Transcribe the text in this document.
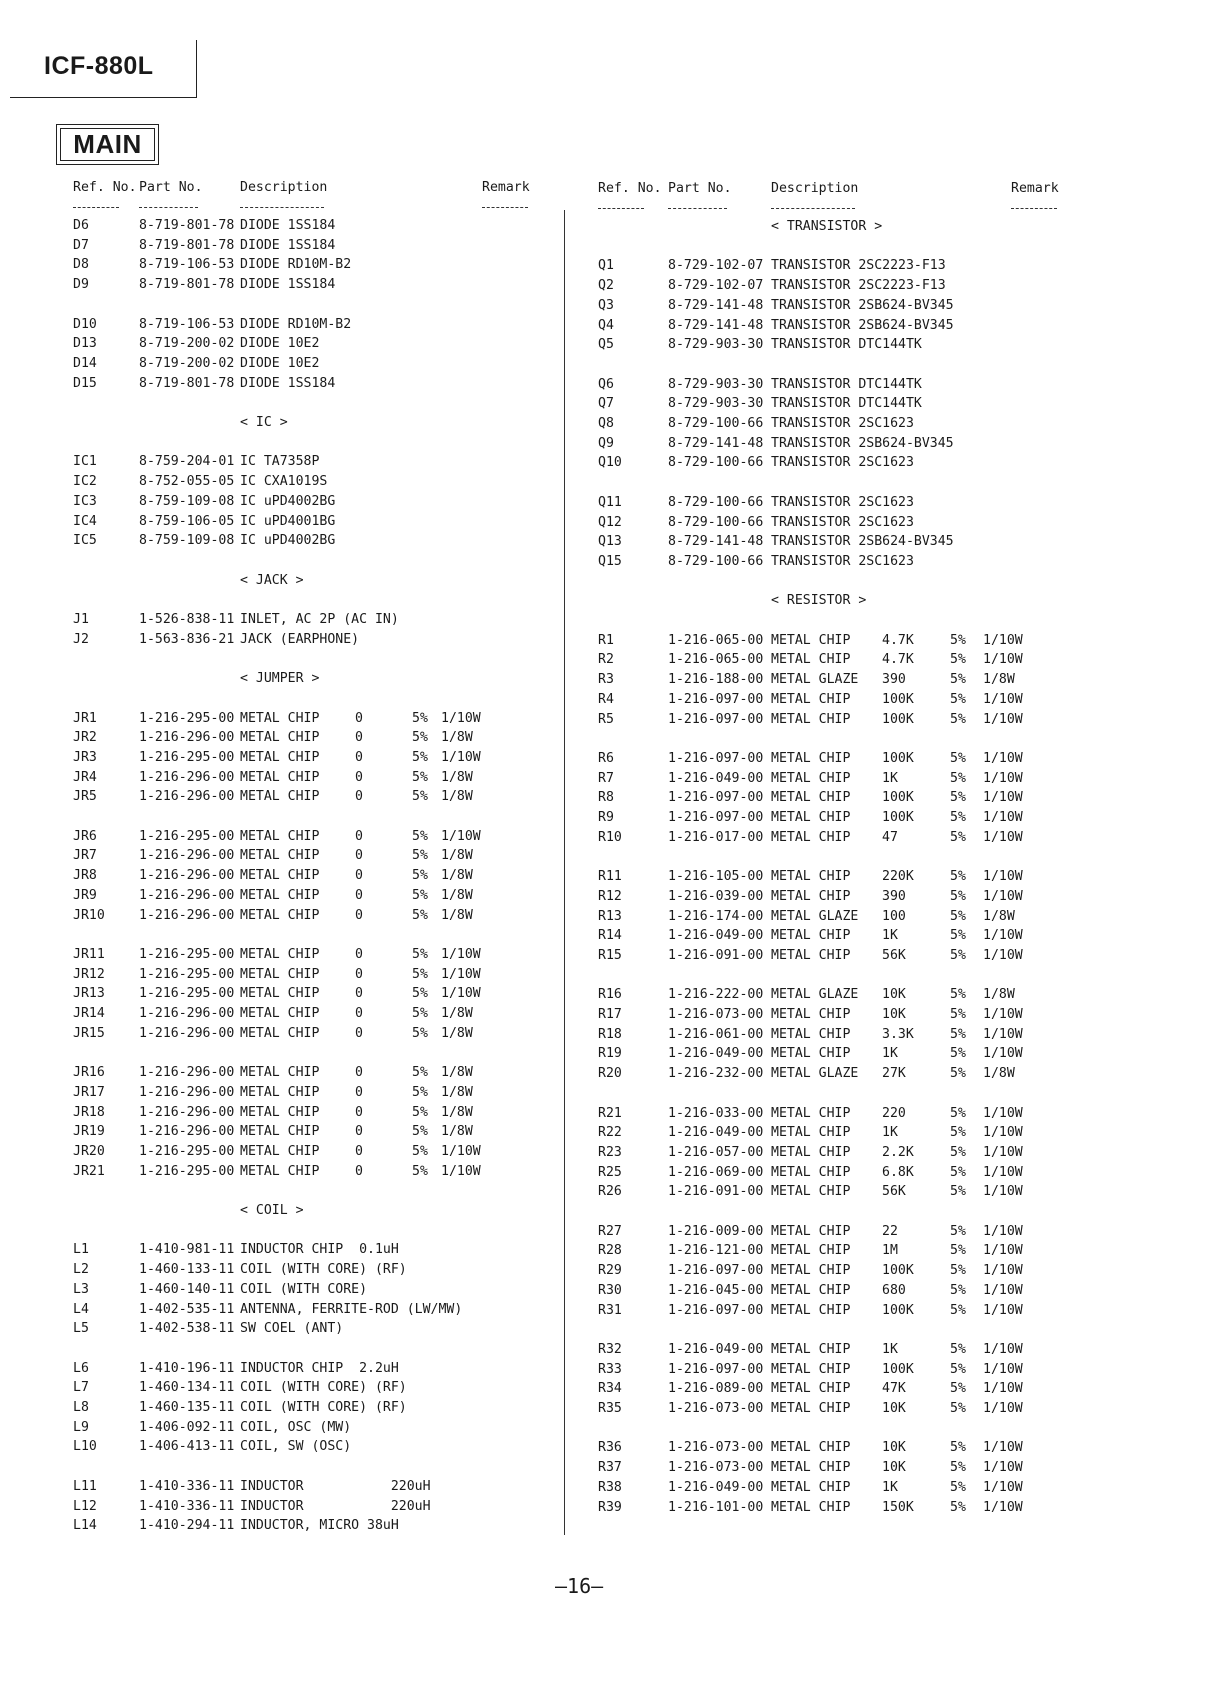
ICF-880L
MAIN
Ref. No. Part No.	Description	Remark
D6	8-719-801-78 DIODE 1SS184
D7	8-719-801-78 DIODE 1SS184
D8	8-719-106-53 DIODE RD10M-B2
D9	8-719-801-78 DIODE 1SS184
D10	8-719-106-53 DIODE RD10M-B2
D13	8-719-200-02 DIODE 10E2
D14	8-719-200-02 DIODE 10E2
D15	8-719-801-78 DIODE 1SS184
< IC >
IC1	8-759-204-01 IC TA7358P
IC2	8-752-055-05 IC CXA1019S
IC3	8-759-109-08 IC uPD4002BG
IC4	8-759-106-05 IC uPD4001BG
IC5	8-759-109-08 IC uPD4002BG
< JACK >
J1	1-526-838-11 INLET, AC 2P (AC IN)
J2	1-563-836-21 JACK (EARPHONE)
< JUMPER >
JR1	1-216-295-00 METAL CHIP	0	5% 1/10W
JR2	1-216-296-00 METAL CHIP	0	5% 1/8W
JR3	1-216-295-00 METAL CHIP	0	5% 1/10W
JR4	1-216-296-00 METAL CHIP	0	5% 1/8W
JR5	1-216-296-00 METAL CHIP	0	5% 1/8W
JR6	1-216-295-00 METAL CHIP	0	5% 1/10W
JR7	1-216-296-00 METAL CHIP	0	5% 1/8W
JR8	1-216-296-00 METAL CHIP	0	5% 1/8W
JR9	1-216-296-00 METAL CHIP	0	5% 1/8W
JR10	1-216-296-00 METAL CHIP	0	5% 1/8W
JR11	1-216-295-00 METAL CHIP	0	5% 1/10W
JR12	1-216-295-00 METAL CHIP	0	5% 1/10W
JR13	1-216-295-00 METAL CHIP	0	5% 1/10W
JR14	1-216-296-00 METAL CHIP	0	5% 1/8W
JR15	1-216-296-00 METAL CHIP	0	5% 1/8W
JR16	1-216-296-00 METAL CHIP	0	5% 1/8W
JR17	1-216-296-00 METAL CHIP	0	5% 1/8W
JR18	1-216-296-00 METAL CHIP	0	5% 1/8W
JR19	1-216-296-00 METAL CHIP	0	5% 1/8W
JR20	1-216-295-00 METAL CHIP	0	5% 1/10W
JR21	1-216-295-00 METAL CHIP	0	5% 1/10W
< COIL >
L1	1-410-981-11 INDUCTOR CHIP  0.1uH
L2	1-460-133-11 COIL (WITH CORE) (RF)
L3	1-460-140-11 COIL (WITH CORE)
L4	1-402-535-11 ANTENNA, FERRITE-ROD (LW/MW)
L5	1-402-538-11 SW COEL (ANT)
L6	1-410-196-11 INDUCTOR CHIP  2.2uH
L7	1-460-134-11 COIL (WITH CORE) (RF)
L8	1-460-135-11 COIL (WITH CORE) (RF)
L9	1-406-092-11 COIL, OSC (MW)
L10	1-406-413-11 COIL, SW (OSC)
L11	1-410-336-11 INDUCTOR           220uH
L12	1-410-336-11 INDUCTOR           220uH
L14	1-410-294-11 INDUCTOR, MICRO 38uH
Ref. No. Part No.	Description	Remark
< TRANSISTOR >
Q1	8-729-102-07 TRANSISTOR 2SC2223-F13
Q2	8-729-102-07 TRANSISTOR 2SC2223-F13
Q3	8-729-141-48 TRANSISTOR 2SB624-BV345
Q4	8-729-141-48 TRANSISTOR 2SB624-BV345
Q5	8-729-903-30 TRANSISTOR DTC144TK
Q6	8-729-903-30 TRANSISTOR DTC144TK
Q7	8-729-903-30 TRANSISTOR DTC144TK
Q8	8-729-100-66 TRANSISTOR 2SC1623
Q9	8-729-141-48 TRANSISTOR 2SB624-BV345
Q10	8-729-100-66 TRANSISTOR 2SC1623
Q11	8-729-100-66 TRANSISTOR 2SC1623
Q12	8-729-100-66 TRANSISTOR 2SC1623
Q13	8-729-141-48 TRANSISTOR 2SB624-BV345
Q15	8-729-100-66 TRANSISTOR 2SC1623
< RESISTOR >
R1	1-216-065-00 METAL CHIP 4.7K	5% 1/10W
R2	1-216-065-00 METAL CHIP 4.7K	5% 1/10W
R3	1-216-188-00 METAL GLAZE 390	5% 1/8W
R4	1-216-097-00 METAL CHIP 100K	5% 1/10W
R5	1-216-097-00 METAL CHIP 100K	5% 1/10W
R6	1-216-097-00 METAL CHIP 100K	5% 1/10W
R7	1-216-049-00 METAL CHIP 1K	5% 1/10W
R8	1-216-097-00 METAL CHIP 100K	5% 1/10W
R9	1-216-097-00 METAL CHIP 100K	5% 1/10W
R10	1-216-017-00 METAL CHIP 47	5% 1/10W
R11	1-216-105-00 METAL CHIP 220K	5% 1/10W
R12	1-216-039-00 METAL CHIP 390	5% 1/10W
R13	1-216-174-00 METAL GLAZE 100	5% 1/8W
R14	1-216-049-00 METAL CHIP 1K	5% 1/10W
R15	1-216-091-00 METAL CHIP 56K	5% 1/10W
R16	1-216-222-00 METAL GLAZE 10K	5% 1/8W
R17	1-216-073-00 METAL CHIP 10K	5% 1/10W
R18	1-216-061-00 METAL CHIP 3.3K	5% 1/10W
R19	1-216-049-00 METAL CHIP 1K	5% 1/10W
R20	1-216-232-00 METAL GLAZE 27K	5% 1/8W
R21	1-216-033-00 METAL CHIP 220	5% 1/10W
R22	1-216-049-00 METAL CHIP 1K	5% 1/10W
R23	1-216-057-00 METAL CHIP 2.2K	5% 1/10W
R25	1-216-069-00 METAL CHIP 6.8K	5% 1/10W
R26	1-216-091-00 METAL CHIP 56K	5% 1/10W
R27	1-216-009-00 METAL CHIP 22	5% 1/10W
R28	1-216-121-00 METAL CHIP 1M	5% 1/10W
R29	1-216-097-00 METAL CHIP 100K	5% 1/10W
R30	1-216-045-00 METAL CHIP 680	5% 1/10W
R31	1-216-097-00 METAL CHIP 100K	5% 1/10W
R32	1-216-049-00 METAL CHIP 1K	5% 1/10W
R33	1-216-097-00 METAL CHIP 100K	5% 1/10W
R34	1-216-089-00 METAL CHIP 47K	5% 1/10W
R35	1-216-073-00 METAL CHIP 10K	5% 1/10W
R36	1-216-073-00 METAL CHIP 10K	5% 1/10W
R37	1-216-073-00 METAL CHIP 10K	5% 1/10W
R38	1-216-049-00 METAL CHIP 1K	5% 1/10W
R39	1-216-101-00 METAL CHIP 150K	5% 1/10W
—16—
